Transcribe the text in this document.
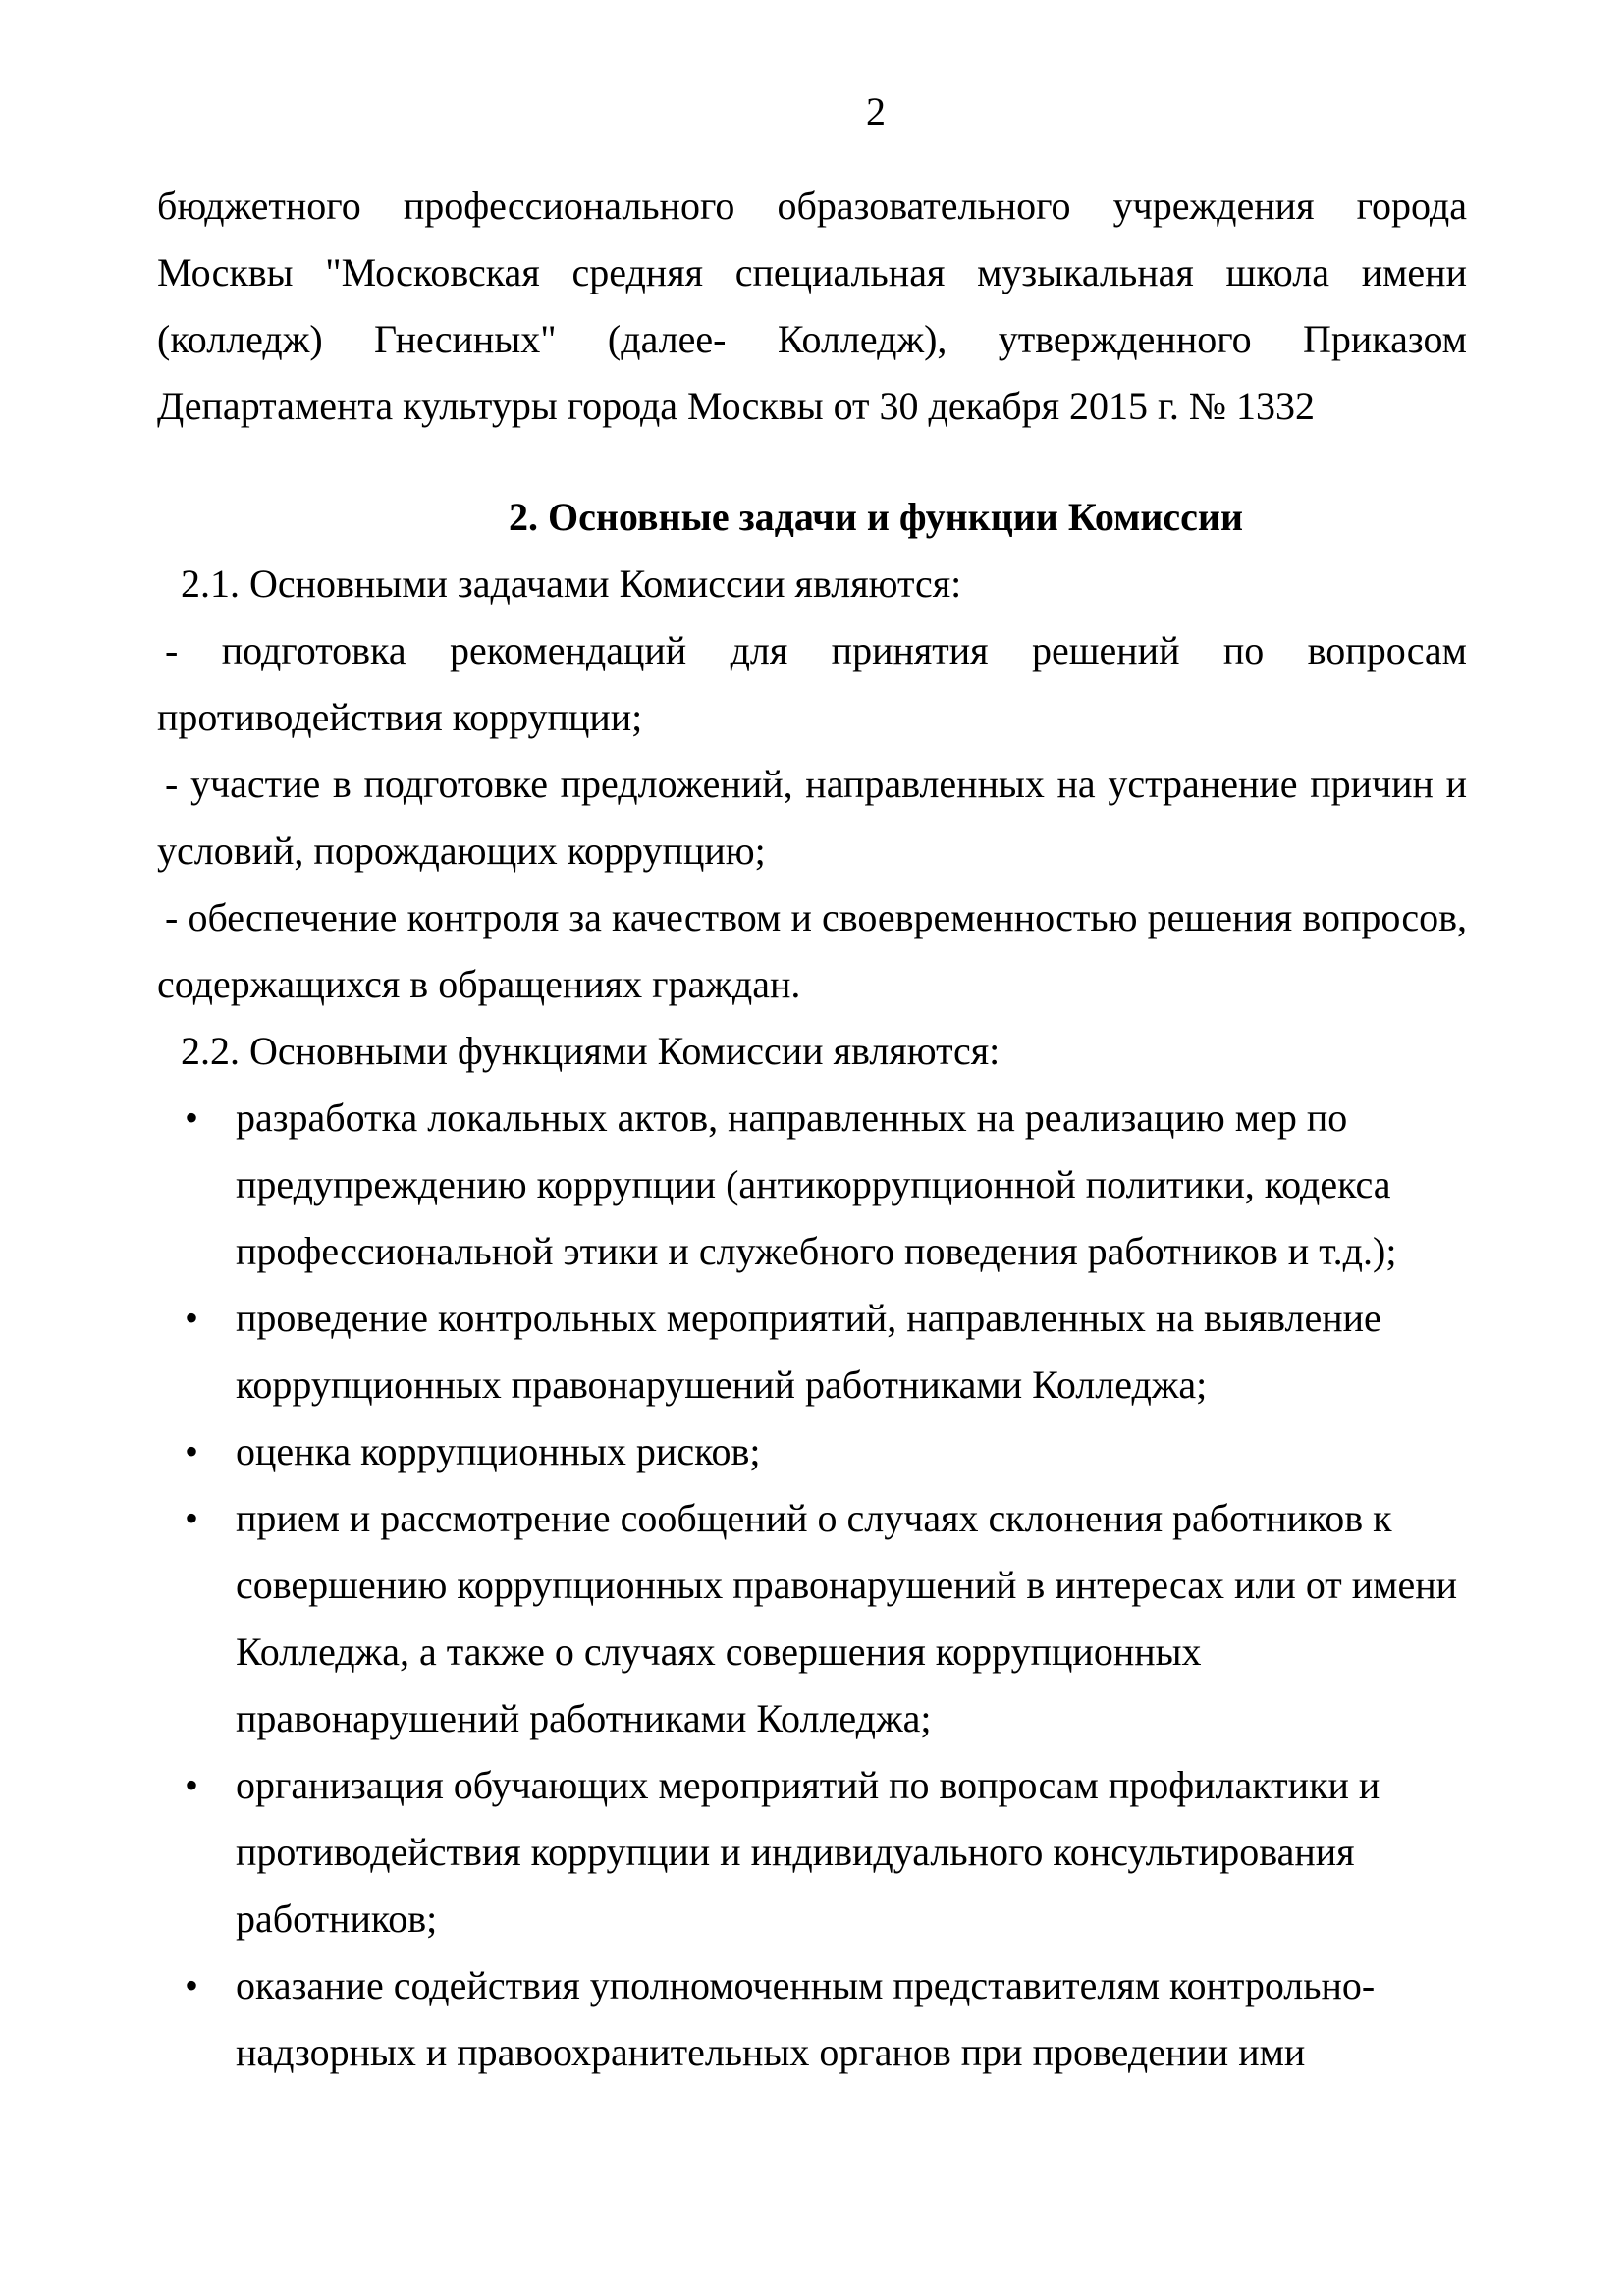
2

бюджетного профессионального образовательного учреждения города Москвы "Московская средняя специальная музыкальная школа имени (колледж) Гнесиных" (далее- Колледж), утвержденного Приказом Департамента культуры города Москвы от 30 декабря 2015 г. № 1332

2. Основные задачи и функции Комиссии

2.1. Основными задачами Комиссии являются:

- подготовка рекомендаций для принятия решений по вопросам противодействия коррупции;

- участие в подготовке предложений, направленных на устранение причин и условий, порождающих коррупцию;

- обеспечение контроля за качеством и своевременностью решения вопросов, содержащихся в обращениях граждан.

2.2. Основными функциями Комиссии являются:

• разработка локальных актов, направленных на реализацию мер по предупреждению коррупции (антикоррупционной политики, кодекса профессиональной этики и служебного поведения работников и т.д.);
• проведение контрольных мероприятий, направленных на выявление коррупционных правонарушений работниками Колледжа;
• оценка коррупционных рисков;
• прием и рассмотрение сообщений о случаях склонения работников к совершению коррупционных правонарушений в интересах или от имени Колледжа, а также о случаях совершения коррупционных правонарушений работниками Колледжа;
• организация обучающих мероприятий по вопросам профилактики и противодействия коррупции и индивидуального консультирования работников;
• оказание содействия уполномоченным представителям контрольно-надзорных и правоохранительных органов при проведении ими
